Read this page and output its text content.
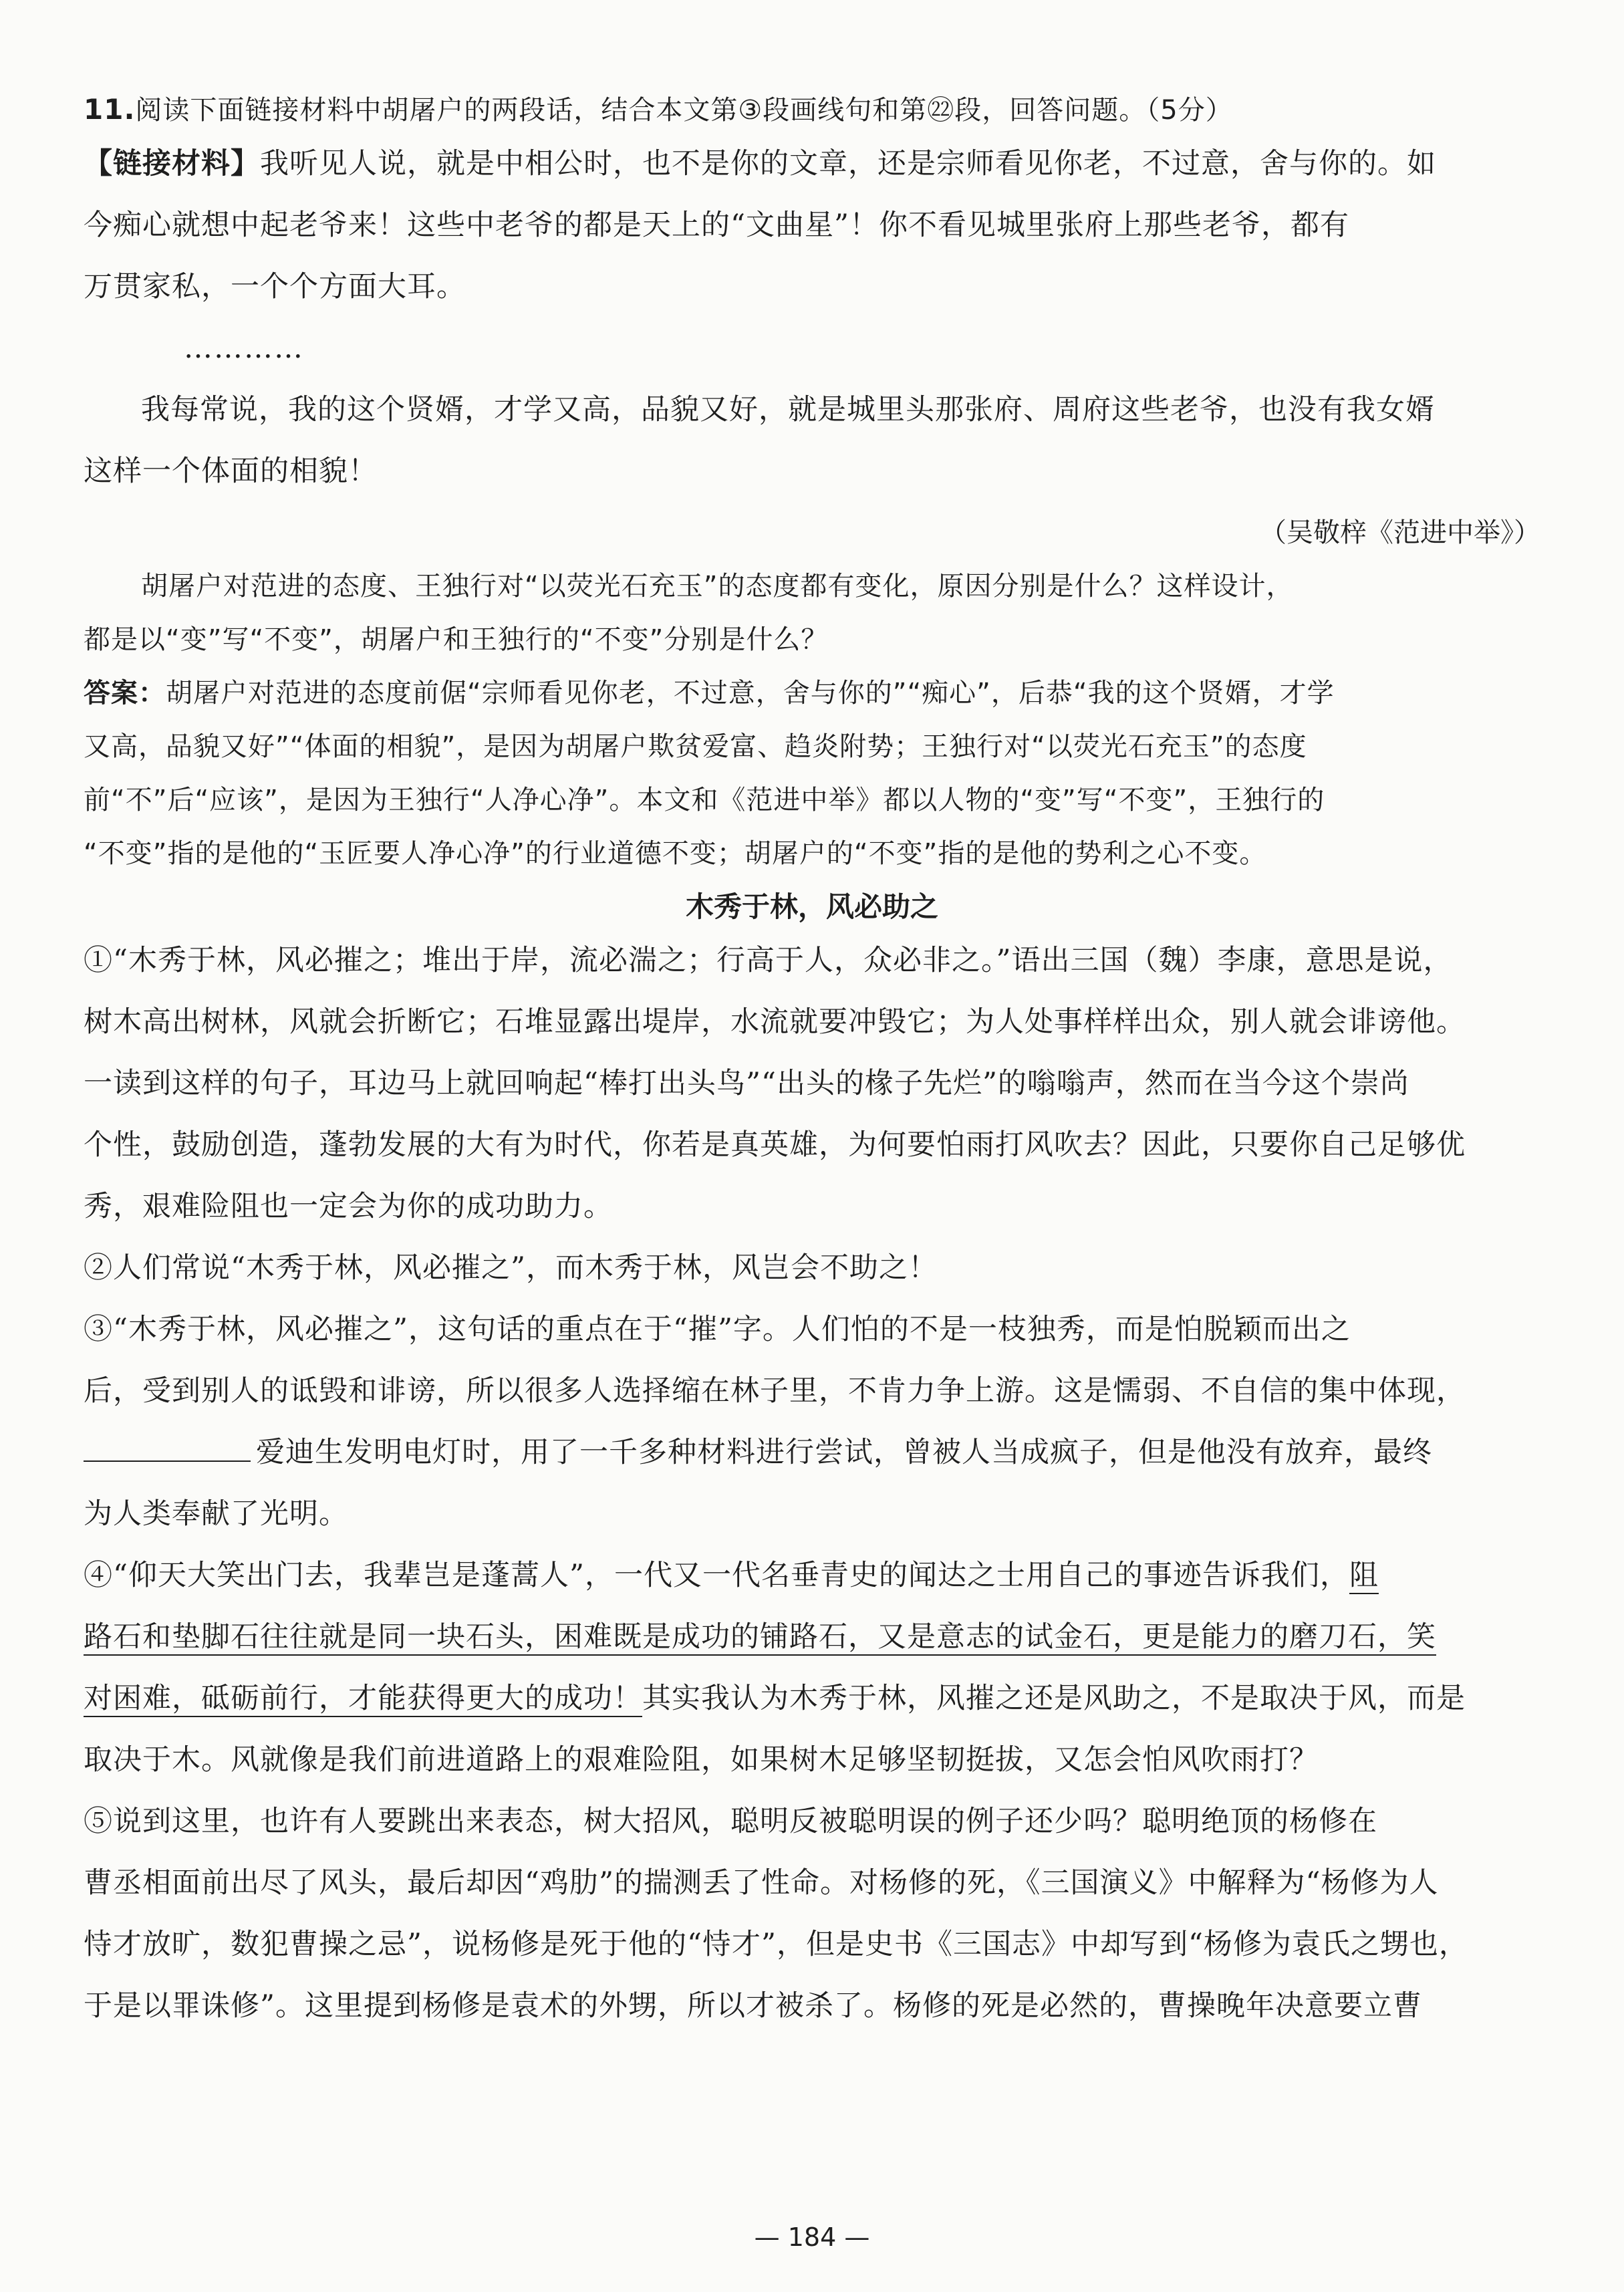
11.阅读下面链接材料中胡屠户的两段话，结合本文第③段画线句和第㉒段，回答问题。（5分）

【链接材料】我听见人说，就是中相公时，也不是你的文章，还是宗师看见你老，不过意，舍与你的。如

今痴心就想中起老爷来！这些中老爷的都是天上的“文曲星”！你不看见城里张府上那些老爷，都有

万贯家私，一个个方面大耳。

…………

我每常说，我的这个贤婿，才学又高，品貌又好，就是城里头那张府、周府这些老爷，也没有我女婿

这样一个体面的相貌！

（吴敬梓《范进中举》）

胡屠户对范进的态度、王独行对“以荧光石充玉”的态度都有变化，原因分别是什么？这样设计，

都是以“变”写“不变”，胡屠户和王独行的“不变”分别是什么？

答案：胡屠户对范进的态度前倨“宗师看见你老，不过意，舍与你的”“痴心”，后恭“我的这个贤婿，才学

又高，品貌又好”“体面的相貌”，是因为胡屠户欺贫爱富、趋炎附势；王独行对“以荧光石充玉”的态度

前“不”后“应该”，是因为王独行“人净心净”。本文和《范进中举》都以人物的“变”写“不变”，王独行的

“不变”指的是他的“玉匠要人净心净”的行业道德不变；胡屠户的“不变”指的是他的势利之心不变。

木秀于林，风必助之

①“木秀于林，风必摧之；堆出于岸，流必湍之；行高于人，众必非之。”语出三国（魏）李康，意思是说，

树木高出树林，风就会折断它；石堆显露出堤岸，水流就要冲毁它；为人处事样样出众，别人就会诽谤他。

一读到这样的句子，耳边马上就回响起“棒打出头鸟”“出头的椽子先烂”的嗡嗡声，然而在当今这个崇尚

个性，鼓励创造，蓬勃发展的大有为时代，你若是真英雄，为何要怕雨打风吹去？因此，只要你自己足够优

秀，艰难险阻也一定会为你的成功助力。

②人们常说“木秀于林，风必摧之”，而木秀于林，风岂会不助之！

③“木秀于林，风必摧之”，这句话的重点在于“摧”字。人们怕的不是一枝独秀，而是怕脱颖而出之

后，受到别人的诋毁和诽谤，所以很多人选择缩在林子里，不肯力争上游。这是懦弱、不自信的集中体现，

爱迪生发明电灯时，用了一千多种材料进行尝试，曾被人当成疯子，但是他没有放弃，最终

为人类奉献了光明。

④“仰天大笑出门去，我辈岂是蓬蒿人”，一代又一代名垂青史的闻达之士用自己的事迹告诉我们，阻

路石和垫脚石往往就是同一块石头，困难既是成功的铺路石，又是意志的试金石，更是能力的磨刀石，笑

对困难，砥砺前行，才能获得更大的成功！其实我认为木秀于林，风摧之还是风助之，不是取决于风，而是

取决于木。风就像是我们前进道路上的艰难险阻，如果树木足够坚韧挺拔，又怎会怕风吹雨打？

⑤说到这里，也许有人要跳出来表态，树大招风，聪明反被聪明误的例子还少吗？聪明绝顶的杨修在

曹丞相面前出尽了风头，最后却因“鸡肋”的揣测丢了性命。对杨修的死，《三国演义》中解释为“杨修为人

恃才放旷，数犯曹操之忌”，说杨修是死于他的“恃才”，但是史书《三国志》中却写到“杨修为袁氏之甥也，

于是以罪诛修”。这里提到杨修是袁术的外甥，所以才被杀了。杨修的死是必然的，曹操晚年决意要立曹

— 184 —
